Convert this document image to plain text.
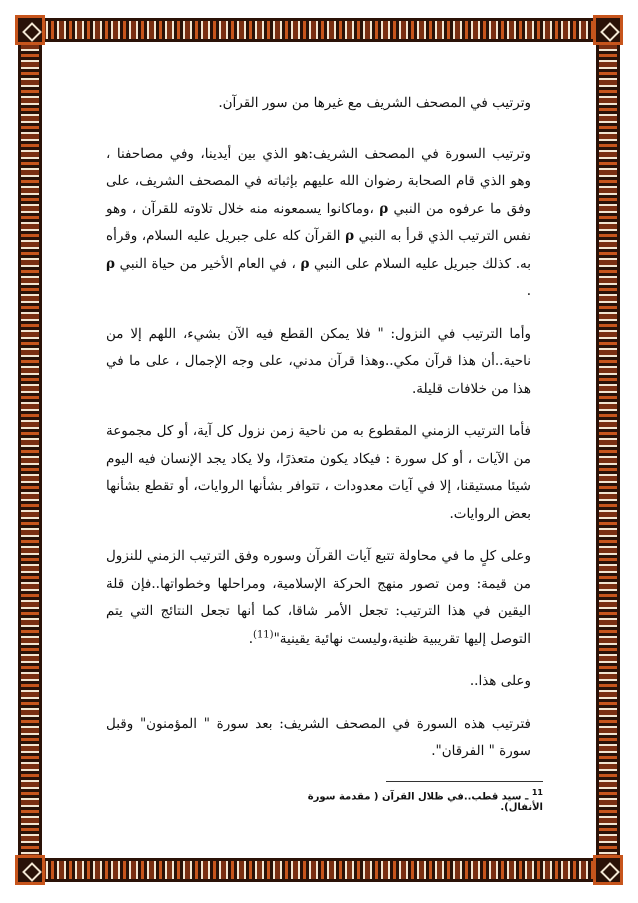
وترتيب في المصحف الشريف مع غيرها من سور القرآن.

وترتيب السورة في المصحف الشريف:هو الذي بين أيدينا، وفي مصاحفنا ، وهو الذي قام الصحابة رضوان الله عليهم بإثباته في المصحف الشريف، على وفق ما عرفوه من النبي ρ ،وماكانوا يسمعونه منه خلال تلاوته للقرآن ، وهو نفس الترتيب الذي قرأ به النبي ρ القرآن كله على جبريل عليه السلام، وقرأه به. كذلك جبريل عليه السلام على النبي ρ ، في العام الأخير من حياة النبي ρ .

وأما الترتيب في النزول: " فلا يمكن القطع فيه الآن بشيء، اللهم إلا من ناحية..أن هذا قرآن مكي..وهذا قرآن مدني، على وجه الإجمال ، على ما في هذا من خلافات قليلة.

فأما الترتيب الزمني المقطوع به من ناحية زمن نزول كل آية، أو كل مجموعة من الآيات ، أو كل سورة : فيكاد يكون متعذرًا، ولا يكاد يجد الإنسان فيه اليوم شيئا مستيقنا، إلا في آيات معدودات ، تتوافر بشأنها الروايات، أو تقطع بشأنها بعض الروايات.

وعلى كلٍ ما في محاولة تتبع آيات القرآن وسوره وفق الترتيب الزمني للنزول من قيمة: ومن تصور منهج الحركة الإسلامية، ومراحلها وخطواتها..فإن قلة اليقين في هذا الترتيب: تجعل الأمر شاقا، كما أنها تجعل النتائج التي يتم التوصل إليها تقريبية ظنية،وليست نهائية يقينية"$^{(11)}$.

وعلى هذا..

فترتيب هذه السورة في المصحف الشريف: بعد سورة " المؤمنون" وقبل سورة " الفرقان".

$^{11}$ ـ سيد قطب..في ظلال القرآن ( مقدمة سورة الأنفال).
